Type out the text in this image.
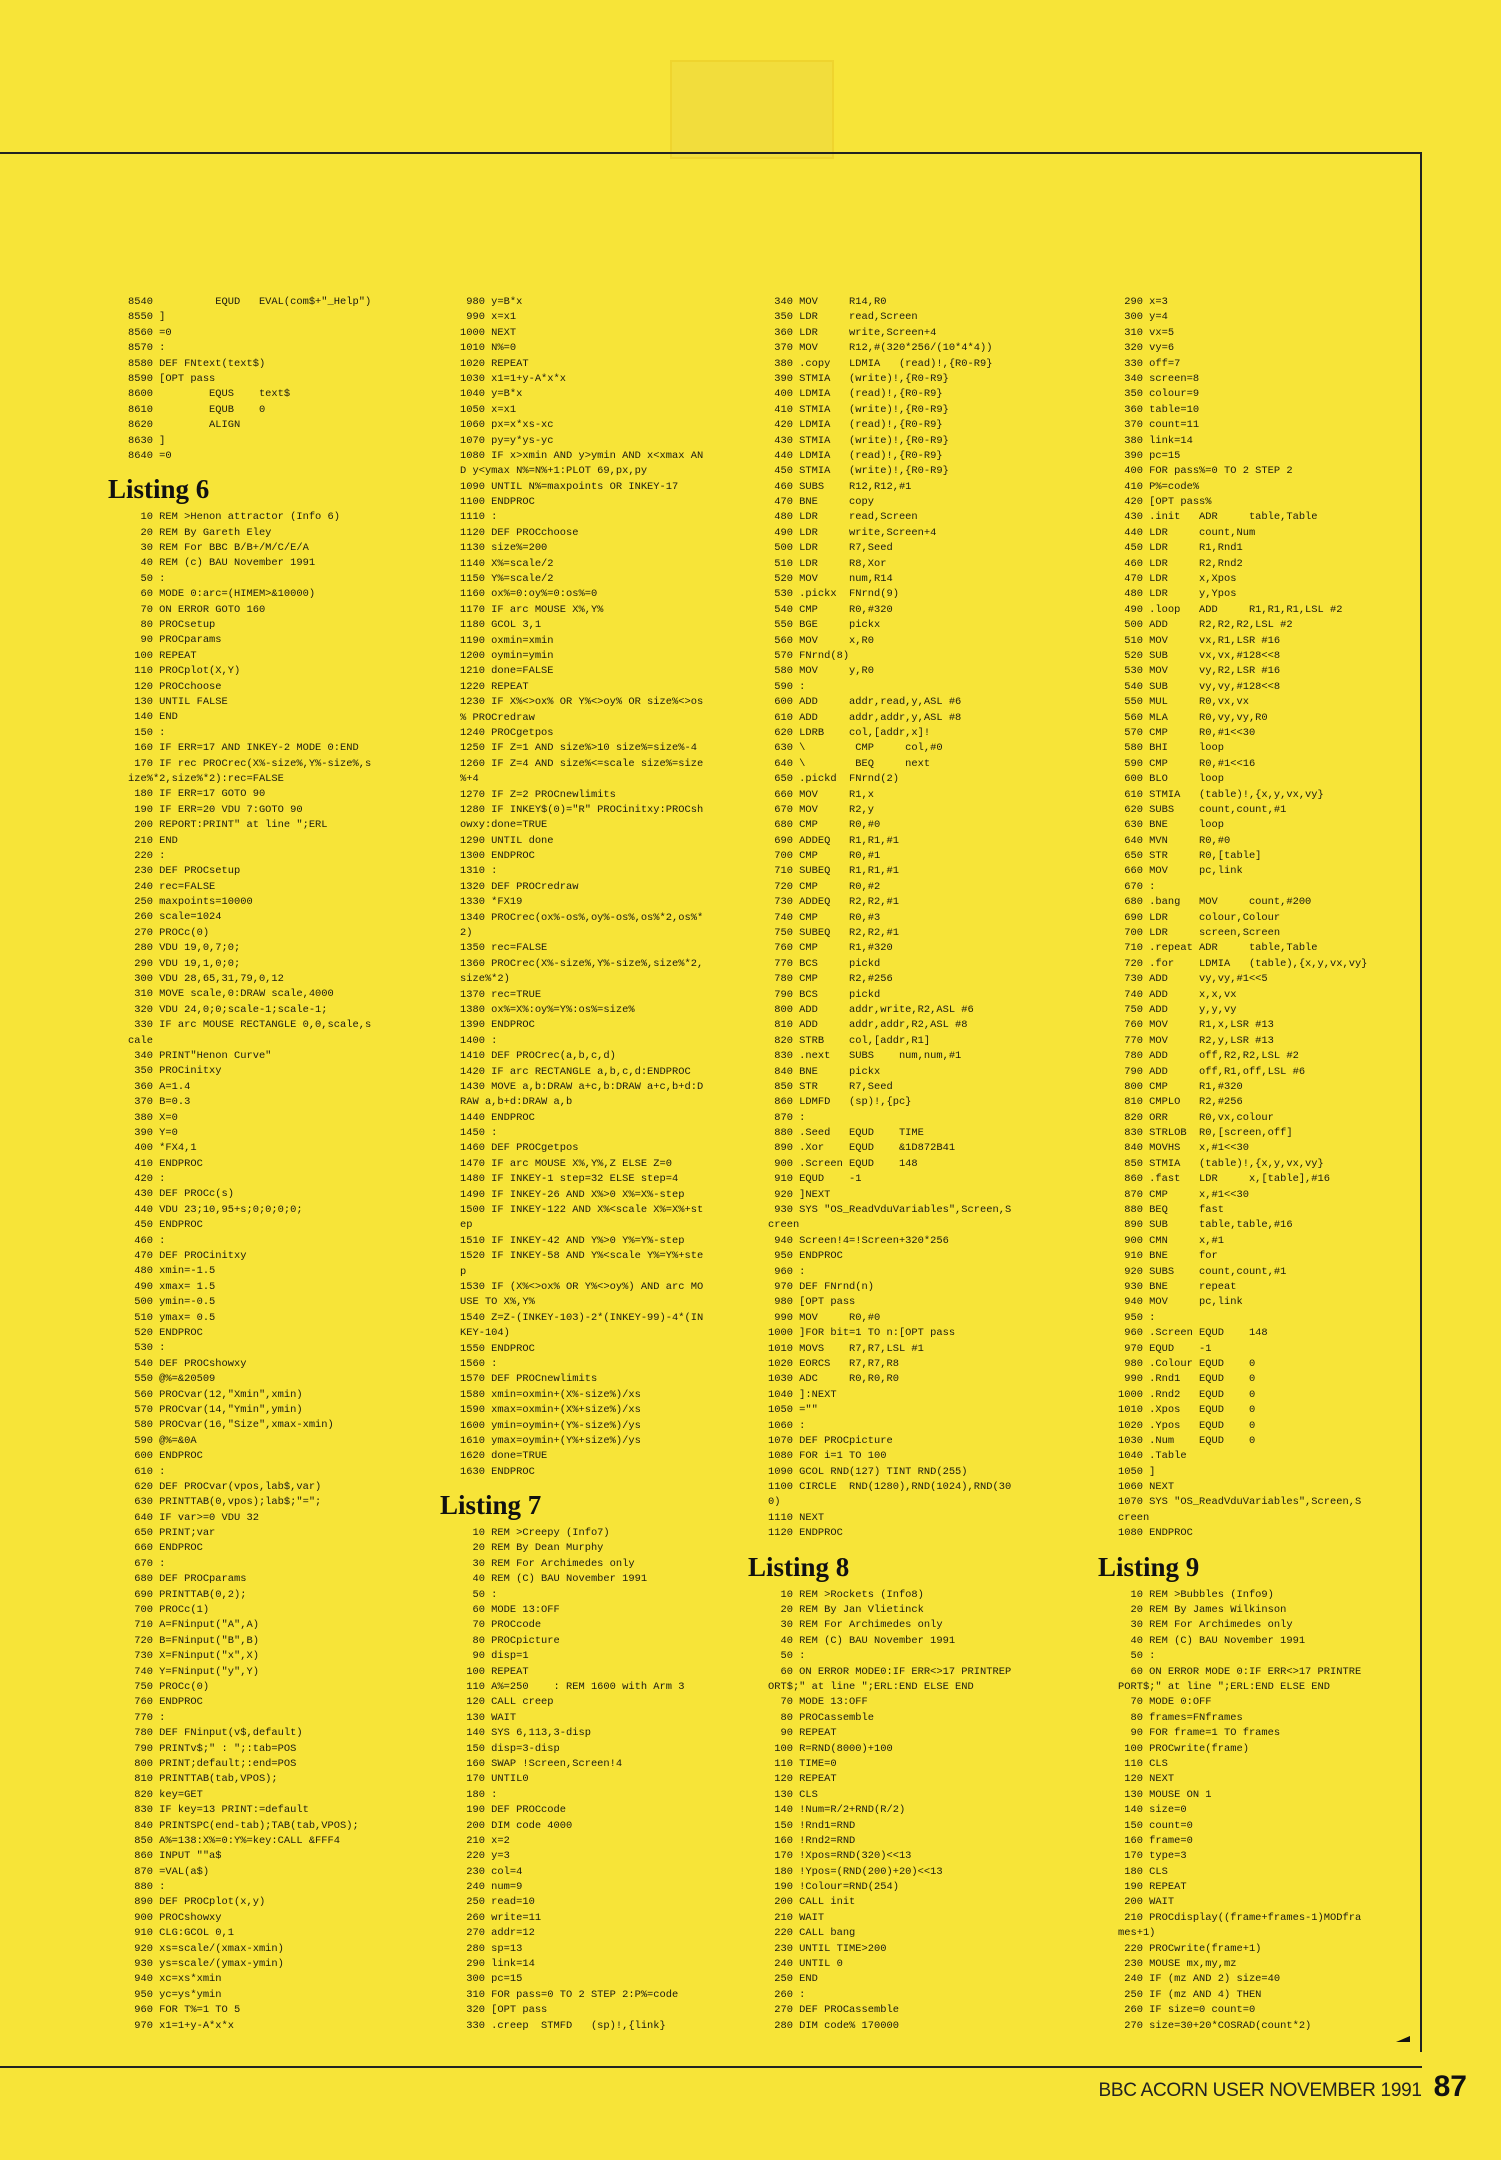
8540          EQUD   EVAL(com$+"_Help")
8550 ]
8560 =0
8570 :
8580 DEF FNtext(text$)
8590 [OPT pass
8600         EQUS    text$
8610         EQUB    0
8620         ALIGN
8630 ]
8640 =0
Listing 6
10 REM >Henon attractor (Info 6)
20 REM By Gareth Eley
30 REM For BBC B/B+/M/C/E/A
40 REM (c) BAU November 1991
50 :
60 MODE 0:arc=(HIMEM>&10000)
70 ON ERROR GOTO 160
80 PROCsetup
90 PROCparams
100 REPEAT
110 PROCplot(X,Y)
120 PROCchoose
130 UNTIL FALSE
140 END
150 :
160 IF ERR=17 AND INKEY-2 MODE 0:END
170 IF rec PROCrec(X%-size%,Y%-size%,s
ize%*2,size%*2):rec=FALSE
180 IF ERR=17 GOTO 90
190 IF ERR=20 VDU 7:GOTO 90
200 REPORT:PRINT" at line ";ERL
210 END
220 :
230 DEF PROCsetup
240 rec=FALSE
250 maxpoints=10000
260 scale=1024
270 PROCc(0)
280 VDU 19,0,7;0;
290 VDU 19,1,0;0;
300 VDU 28,65,31,79,0,12
310 MOVE scale,0:DRAW scale,4000
320 VDU 24,0;0;scale-1;scale-1;
330 IF arc MOUSE RECTANGLE 0,0,scale,s
cale
340 PRINT"Henon Curve"
350 PROCinitxy
360 A=1.4
370 B=0.3
380 X=0
390 Y=0
400 *FX4,1
410 ENDPROC
420 :
430 DEF PROCc(s)
440 VDU 23;10,95+s;0;0;0;0;
450 ENDPROC
460 :
470 DEF PROCinitxy
480 xmin=-1.5
490 xmax= 1.5
500 ymin=-0.5
510 ymax= 0.5
520 ENDPROC
530 :
540 DEF PROCshowxy
550 @%=&20509
560 PROCvar(12,"Xmin",xmin)
570 PROCvar(14,"Ymin",ymin)
580 PROCvar(16,"Size",xmax-xmin)
590 @%=&0A
600 ENDPROC
610 :
620 DEF PROCvar(vpos,lab$,var)
630 PRINTTAB(0,vpos);lab$;"=";
640 IF var>=0 VDU 32
650 PRINT;var
660 ENDPROC
670 :
680 DEF PROCparams
690 PRINTTAB(0,2);
700 PROCc(1)
710 A=FNinput("A",A)
720 B=FNinput("B",B)
730 X=FNinput("x",X)
740 Y=FNinput("y",Y)
750 PROCc(0)
760 ENDPROC
770 :
780 DEF FNinput(v$,default)
790 PRINTv$;" : ";:tab=POS
800 PRINT;default;:end=POS
810 PRINTTAB(tab,VPOS);
820 key=GET
830 IF key=13 PRINT:=default
840 PRINTSPC(end-tab);TAB(tab,VPOS);
850 A%=138:X%=0:Y%=key:CALL &FFF4
860 INPUT ""a$
870 =VAL(a$)
880 :
890 DEF PROCplot(x,y)
900 PROCshowxy
910 CLG:GCOL 0,1
920 xs=scale/(xmax-xmin)
930 ys=scale/(ymax-ymin)
940 xc=xs*xmin
950 yc=ys*ymin
960 FOR T%=1 TO 5
970 x1=1+y-A*x*x
980 y=B*x
990 x=x1
1000 NEXT
1010 N%=0
1020 REPEAT
1030 x1=1+y-A*x*x
1040 y=B*x
1050 x=x1
1060 px=x*xs-xc
1070 py=y*ys-yc
1080 IF x>xmin AND y>ymin AND x<xmax AN
D y<ymax N%=N%+1:PLOT 69,px,py
1090 UNTIL N%=maxpoints OR INKEY-17
1100 ENDPROC
1110 :
1120 DEF PROCchoose
1130 size%=200
1140 X%=scale/2
1150 Y%=scale/2
1160 ox%=0:oy%=0:os%=0
1170 IF arc MOUSE X%,Y%
1180 GCOL 3,1
1190 oxmin=xmin
1200 oymin=ymin
1210 done=FALSE
1220 REPEAT
1230 IF X%<>ox% OR Y%<>oy% OR size%<>os
% PROCredraw
1240 PROCgetpos
1250 IF Z=1 AND size%>10 size%=size%-4
1260 IF Z=4 AND size%<=scale size%=size
%+4
1270 IF Z=2 PROCnewlimits
1280 IF INKEY$(0)="R" PROCinitxy:PROCsh
owxy:done=TRUE
1290 UNTIL done
1300 ENDPROC
1310 :
1320 DEF PROCredraw
1330 *FX19
1340 PROCrec(ox%-os%,oy%-os%,os%*2,os%*
2)
1350 rec=FALSE
1360 PROCrec(X%-size%,Y%-size%,size%*2,
size%*2)
1370 rec=TRUE
1380 ox%=X%:oy%=Y%:os%=size%
1390 ENDPROC
1400 :
1410 DEF PROCrec(a,b,c,d)
1420 IF arc RECTANGLE a,b,c,d:ENDPROC
1430 MOVE a,b:DRAW a+c,b:DRAW a+c,b+d:D
RAW a,b+d:DRAW a,b
1440 ENDPROC
1450 :
1460 DEF PROCgetpos
1470 IF arc MOUSE X%,Y%,Z ELSE Z=0
1480 IF INKEY-1 step=32 ELSE step=4
1490 IF INKEY-26 AND X%>0 X%=X%-step
1500 IF INKEY-122 AND X%<scale X%=X%+st
ep
1510 IF INKEY-42 AND Y%>0 Y%=Y%-step
1520 IF INKEY-58 AND Y%<scale Y%=Y%+ste
p
1530 IF (X%<>ox% OR Y%<>oy%) AND arc MO
USE TO X%,Y%
1540 Z=Z-(INKEY-103)-2*(INKEY-99)-4*(IN
KEY-104)
1550 ENDPROC
1560 :
1570 DEF PROCnewlimits
1580 xmin=oxmin+(X%-size%)/xs
1590 xmax=oxmin+(X%+size%)/xs
1600 ymin=oymin+(Y%-size%)/ys
1610 ymax=oymin+(Y%+size%)/ys
1620 done=TRUE
1630 ENDPROC
Listing 7
10 REM >Creepy (Info7)
20 REM By Dean Murphy
30 REM For Archimedes only
40 REM (C) BAU November 1991
50 :
60 MODE 13:OFF
70 PROCcode
80 PROCpicture
90 disp=1
100 REPEAT
110 A%=250    : REM 1600 with Arm 3
120 CALL creep
130 WAIT
140 SYS 6,113,3-disp
150 disp=3-disp
160 SWAP !Screen,Screen!4
170 UNTIL0
180 :
190 DEF PROCcode
200 DIM code 4000
210 x=2
220 y=3
230 col=4
240 num=9
250 read=10
260 write=11
270 addr=12
280 sp=13
290 link=14
300 pc=15
310 FOR pass=0 TO 2 STEP 2:P%=code
320 [OPT pass
330 .creep  STMFD   (sp)!,{link}
340 MOV     R14,R0
350 LDR     read,Screen
360 LDR     write,Screen+4
370 MOV     R12,#(320*256/(10*4*4))
380 .copy   LDMIA   (read)!,{R0-R9}
390 STMIA   (write)!,{R0-R9}
400 LDMIA   (read)!,{R0-R9}
410 STMIA   (write)!,{R0-R9}
420 LDMIA   (read)!,{R0-R9}
430 STMIA   (write)!,{R0-R9}
440 LDMIA   (read)!,{R0-R9}
450 STMIA   (write)!,{R0-R9}
460 SUBS    R12,R12,#1
470 BNE     copy
480 LDR     read,Screen
490 LDR     write,Screen+4
500 LDR     R7,Seed
510 LDR     R8,Xor
520 MOV     num,R14
530 .pickx  FNrnd(9)
540 CMP     R0,#320
550 BGE     pickx
560 MOV     x,R0
570 FNrnd(8)
580 MOV     y,R0
590 :
600 ADD     addr,read,y,ASL #6
610 ADD     addr,addr,y,ASL #8
620 LDRB    col,[addr,x]!
630 \        CMP     col,#0
640 \        BEQ     next
650 .pickd  FNrnd(2)
660 MOV     R1,x
670 MOV     R2,y
680 CMP     R0,#0
690 ADDEQ   R1,R1,#1
700 CMP     R0,#1
710 SUBEQ   R1,R1,#1
720 CMP     R0,#2
730 ADDEQ   R2,R2,#1
740 CMP     R0,#3
750 SUBEQ   R2,R2,#1
760 CMP     R1,#320
770 BCS     pickd
780 CMP     R2,#256
790 BCS     pickd
800 ADD     addr,write,R2,ASL #6
810 ADD     addr,addr,R2,ASL #8
820 STRB    col,[addr,R1]
830 .next   SUBS    num,num,#1
840 BNE     pickx
850 STR     R7,Seed
860 LDMFD   (sp)!,{pc}
870 :
880 .Seed   EQUD    TIME
890 .Xor    EQUD    &1D872B41
900 .Screen EQUD    148
910 EQUD    -1
920 ]NEXT
930 SYS "OS_ReadVduVariables",Screen,S
creen
940 Screen!4=!Screen+320*256
950 ENDPROC
960 :
970 DEF FNrnd(n)
980 [OPT pass
990 MOV     R0,#0
1000 ]FOR bit=1 TO n:[OPT pass
1010 MOVS    R7,R7,LSL #1
1020 EORCS   R7,R7,R8
1030 ADC     R0,R0,R0
1040 ]:NEXT
1050 =""
1060 :
1070 DEF PROCpicture
1080 FOR i=1 TO 100
1090 GCOL RND(127) TINT RND(255)
1100 CIRCLE  RND(1280),RND(1024),RND(30
0)
1110 NEXT
1120 ENDPROC
Listing 8
10 REM >Rockets (Info8)
20 REM By Jan Vlietinck
30 REM For Archimedes only
40 REM (C) BAU November 1991
50 :
60 ON ERROR MODE0:IF ERR<>17 PRINTREP
ORT$;" at line ";ERL:END ELSE END
70 MODE 13:OFF
80 PROCassemble
90 REPEAT
100 R=RND(8000)+100
110 TIME=0
120 REPEAT
130 CLS
140 !Num=R/2+RND(R/2)
150 !Rnd1=RND
160 !Rnd2=RND
170 !Xpos=RND(320)<<13
180 !Ypos=(RND(200)+20)<<13
190 !Colour=RND(254)
200 CALL init
210 WAIT
220 CALL bang
230 UNTIL TIME>200
240 UNTIL 0
250 END
260 :
270 DEF PROCassemble
280 DIM code% 170000
290 x=3
300 y=4
310 vx=5
320 vy=6
330 off=7
340 screen=8
350 colour=9
360 table=10
370 count=11
380 link=14
390 pc=15
400 FOR pass%=0 TO 2 STEP 2
410 P%=code%
420 [OPT pass%
430 .init   ADR     table,Table
440 LDR     count,Num
450 LDR     R1,Rnd1
460 LDR     R2,Rnd2
470 LDR     x,Xpos
480 LDR     y,Ypos
490 .loop   ADD     R1,R1,R1,LSL #2
500 ADD     R2,R2,R2,LSL #2
510 MOV     vx,R1,LSR #16
520 SUB     vx,vx,#128<<8
530 MOV     vy,R2,LSR #16
540 SUB     vy,vy,#128<<8
550 MUL     R0,vx,vx
560 MLA     R0,vy,vy,R0
570 CMP     R0,#1<<30
580 BHI     loop
590 CMP     R0,#1<<16
600 BLO     loop
610 STMIA   (table)!,{x,y,vx,vy}
620 SUBS    count,count,#1
630 BNE     loop
640 MVN     R0,#0
650 STR     R0,[table]
660 MOV     pc,link
670 :
680 .bang   MOV     count,#200
690 LDR     colour,Colour
700 LDR     screen,Screen
710 .repeat ADR     table,Table
720 .for    LDMIA   (table),{x,y,vx,vy}
730 ADD     vy,vy,#1<<5
740 ADD     x,x,vx
750 ADD     y,y,vy
760 MOV     R1,x,LSR #13
770 MOV     R2,y,LSR #13
780 ADD     off,R2,R2,LSL #2
790 ADD     off,R1,off,LSL #6
800 CMP     R1,#320
810 CMPLO   R2,#256
820 ORR     R0,vx,colour
830 STRLOB  R0,[screen,off]
840 MOVHS   x,#1<<30
850 STMIA   (table)!,{x,y,vx,vy}
860 .fast   LDR     x,[table],#16
870 CMP     x,#1<<30
880 BEQ     fast
890 SUB     table,table,#16
900 CMN     x,#1
910 BNE     for
920 SUBS    count,count,#1
930 BNE     repeat
940 MOV     pc,link
950 :
960 .Screen EQUD    148
970 EQUD    -1
980 .Colour EQUD    0
990 .Rnd1   EQUD    0
1000 .Rnd2   EQUD    0
1010 .Xpos   EQUD    0
1020 .Ypos   EQUD    0
1030 .Num    EQUD    0
1040 .Table
1050 ]
1060 NEXT
1070 SYS "OS_ReadVduVariables",Screen,S
creen
1080 ENDPROC
Listing 9
10 REM >Bubbles (Info9)
20 REM By James Wilkinson
30 REM For Archimedes only
40 REM (C) BAU November 1991
50 :
60 ON ERROR MODE 0:IF ERR<>17 PRINTRE
PORT$;" at line ";ERL:END ELSE END
70 MODE 0:OFF
80 frames=FNframes
90 FOR frame=1 TO frames
100 PROCwrite(frame)
110 CLS
120 NEXT
130 MOUSE ON 1
140 size=0
150 count=0
160 frame=0
170 type=3
180 CLS
190 REPEAT
200 WAIT
210 PROCdisplay((frame+frames-1)MODfra
mes+1)
220 PROCwrite(frame+1)
230 MOUSE mx,my,mz
240 IF (mz AND 2) size=40
250 IF (mz AND 4) THEN
260 IF size=0 count=0
270 size=30+20*COSRAD(count*2)
BBC ACORN USER NOVEMBER 1991 87
